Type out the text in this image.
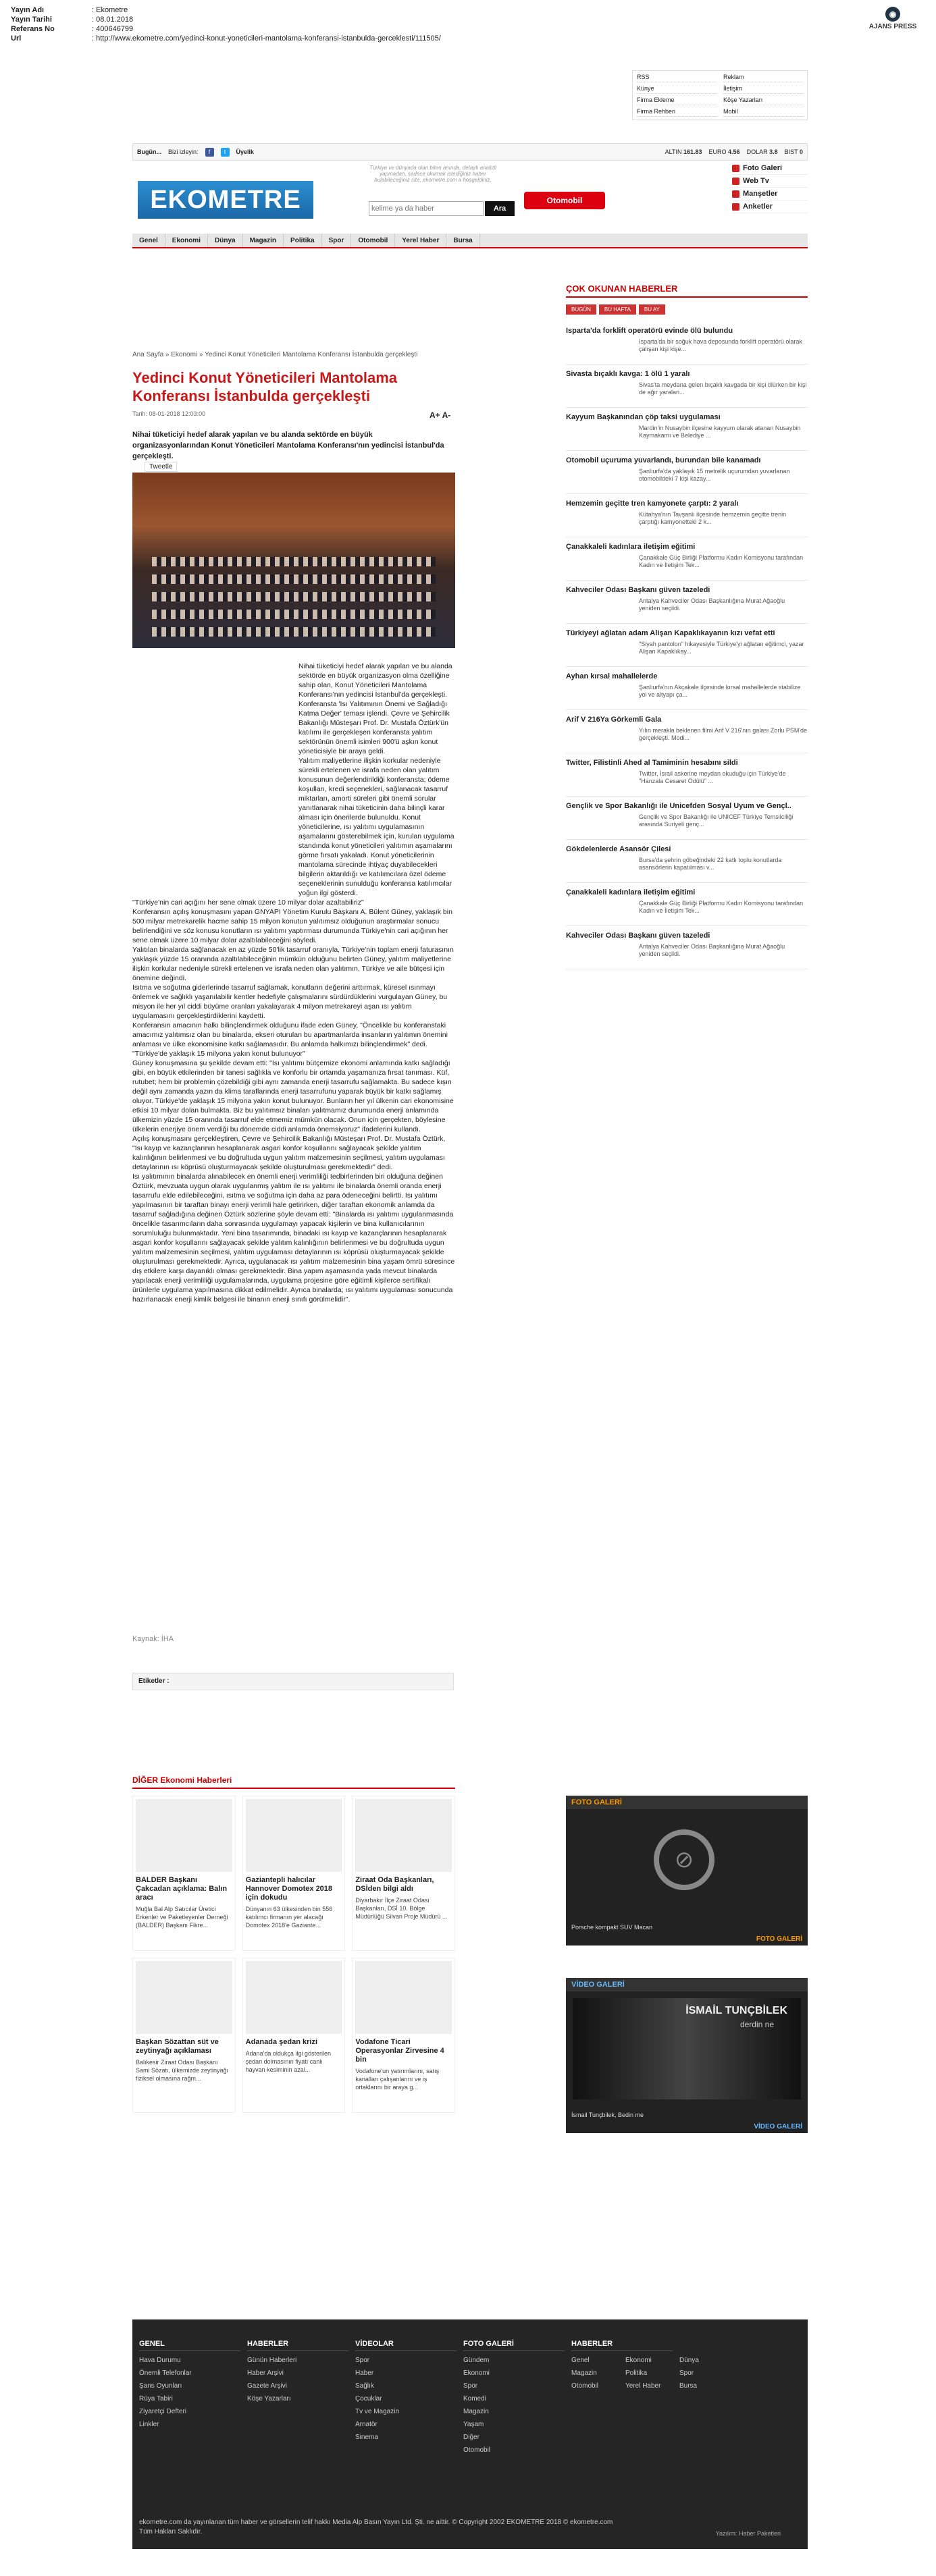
Yayın Adı	: Ekometre
Yayın Tarihi	: 08.01.2018
Referans No	: 400646799
Url	: http://www.ekometre.com/yedinci-konut-yoneticileri-mantolama-konferansi-istanbulda-gerceklesti/111505/
◉
AJANS PRESS
RSS	Reklam
Künye	İletişim
Firma Ekleme	Köşe Yazarları
Firma Rehberi	Mobil
Bugün... Bizi izleyin:	f	t	Üyelik	ALTIN 161.83 EURO 4.56 DOLAR 3.8 BIST 0
EKOMETRE
Türkiye ve dünyada olan biten anında, detaylı analizli yapmadan, sadece okumak istediğiniz haber bulabileceğiniz site, ekometre.com a hoşgeldiniz.
kelime ya da haber
Ara
Otomobil
Foto Galeri
Web Tv
Manşetler
Anketler
Genel	Ekonomi	Dünya	Magazin	Politika	Spor	Otomobil	Yerel Haber	Bursa
Ana Sayfa » Ekonomi » Yedinci Konut Yöneticileri Mantolama Konferansı İstanbulda gerçekleşti
Yedinci Konut Yöneticileri Mantolama Konferansı İstanbulda gerçekleşti
Tarih: 08-01-2018 12:03:00	A+ A-
Nihai tüketiciyi hedef alarak yapılan ve bu alanda sektörde en büyük organizasyonlarından Konut Yöneticileri Mantolama Konferansı'nın yedincisi İstanbul'da gerçekleşti.
Tweetle

Nihai tüketiciyi hedef alarak yapılan ve bu alanda sektörde en büyük organizasyon olma özelliğine sahip olan, Konut Yöneticileri Mantolama Konferansı'nın yedincisi İstanbul'da gerçekleşti. Konferansta 'Isı Yalıtımının Önemi ve Sağladığı Katma Değer' teması işlendi. Çevre ve Şehircilik Bakanlığı Müsteşarı Prof. Dr. Mustafa Öztürk'ün katılımı ile gerçekleşen konferansta yalıtım sektörünün önemli isimleri 900'ü aşkın konut yöneticisiyle bir araya geldi.

Yalıtım maliyetlerine ilişkin korkular nedeniyle sürekli ertelenen ve israfa neden olan yalıtım konusunun değerlendirildiği konferansta; ödeme koşulları, kredi seçenekleri, sağlanacak tasarruf miktarları, amorti süreleri gibi önemli sorular yanıtlanarak nihai tüketicinin daha bilinçli karar alması için önerilerde bulunuldu. Konut yöneticilerine, ısı yalıtımı uygulamasının aşamalarını gösterebilmek için, kurulan uygulama standında konut yöneticileri yalıtımın aşamalarını görme fırsatı yakaladı. Konut yöneticilerinin mantolama sürecinde ihtiyaç duyabilecekleri bilgilerin aktarıldığı ve katılımcılara özel ödeme seçeneklerinin sunulduğu konferansa katılımcılar yoğun ilgi gösterdi.

"Türkiye'nin cari açığını her sene olmak üzere 10 milyar dolar azaltabiliriz"

Konferansın açılış konuşmasını yapan GNYAPI Yönetim Kurulu Başkanı A. Bülent Güney, yaklaşık bin 500 milyar metrekarelik hacme sahip 15 milyon konutun yalıtımsız olduğunun araştırmalar sonucu belirlendiğini ve söz konusu konutların ısı yalıtımı yaptırması durumunda Türkiye'nin cari açığının her sene olmak üzere 10 milyar dolar azaltılabileceğini söyledi.

Yalıtılan binalarda sağlanacak en az yüzde 50'lik tasarruf oranıyla, Türkiye'nin toplam enerji faturasının yaklaşık yüzde 15 oranında azaltılabileceğinin mümkün olduğunu belirten Güney, yalıtım maliyetlerine ilişkin korkular nedeniyle sürekli ertelenen ve israfa neden olan yalıtımın, Türkiye ve aile bütçesi için önemine değindi.

Isıtma ve soğutma giderlerinde tasarruf sağlamak, konutların değerini arttırmak, küresel ısınmayı önlemek ve sağlıklı yaşanılabilir kentler hedefiyle çalışmalarını sürdürdüklerini vurgulayan Güney, bu misyon ile her yıl ciddi büyüme oranları yakalayarak 4 milyon metrekareyi aşan ısı yalıtım uygulamasını gerçekleştirdiklerini kaydetti.

Konferansın amacının halkı bilinçlendirmek olduğunu ifade eden Güney, "Öncelikle bu konferanstaki amacımız yalıtımsız olan bu binalarda, ekseri oturulan bu apartmanlarda insanların yalıtımın önemini anlaması ve ülke ekonomisine katkı sağlamasıdır. Bu anlamda halkımızı bilinçlendirmek" dedi.

"Türkiye'de yaklaşık 15 milyona yakın konut bulunuyor"

Güney konuşmasına şu şekilde devam etti: "Isı yalıtımı bütçemize ekonomi anlamında katkı sağladığı gibi, en büyük etkilerinden bir tanesi sağlıkla ve konforlu bir ortamda yaşamanıza fırsat tanıması. Küf, rutubet; hem bir problemin çözebildiği gibi aynı zamanda enerji tasarrufu sağlamakta. Bu sadece kışın değil aynı zamanda yazın da klima taraflarında enerji tasarrufunu yaparak büyük bir katkı sağlamış oluyor. Türkiye'de yaklaşık 15 milyona yakın konut bulunuyor. Bunların her yıl ülkenin cari ekonomisine etkisi 10 milyar dolan bulmakta. Biz bu yalıtımsız binaları yalıtmamız durumunda enerji anlamında ülkemizin yüzde 15 oranında tasarruf elde etmemiz mümkün olacak. Onun için gerçekten, böylesine ülkelerin enerjiye önem verdiği bu dönemde ciddi anlamda önemsiyoruz" ifadelerini kullandı.

Açılış konuşmasını gerçekleştiren, Çevre ve Şehircilik Bakanlığı Müsteşarı Prof. Dr. Mustafa Öztürk, "Isı kayıp ve kazançlarının hesaplanarak asgari konfor koşullarını sağlayacak şekilde yalıtım kalınlığının belirlenmesi ve bu doğrultuda uygun yalıtım malzemesinin seçilmesi, yalıtım uygulaması detaylarının ısı köprüsü oluşturmayacak şekilde oluşturulması gerekmektedir" dedi.

Isı yalıtımının binalarda alınabilecek en önemli enerji verimliliği tedbirlerinden biri olduğuna değinen Öztürk, mevzuata uygun olarak uygulanmış yalıtım ile ısı yalıtımı ile binalarda önemli oranda enerji tasarrufu elde edilebileceğini, ısıtma ve soğutma için daha az para ödeneceğini belirtti. Isı yalıtımı yapılmasının bir taraftan binayı enerji verimli hale getirirken, diğer taraftan ekonomik anlamda da tasarruf sağladığına değinen Öztürk sözlerine şöyle devam etti: "Binalarda ısı yalıtımı uygulanmasında öncelikle tasarımcıların daha sonrasında uygulamayı yapacak kişilerin ve bina kullanıcılarının sorumluluğu bulunmaktadır. Yeni bina tasarımında, binadaki ısı kayıp ve kazançlarının hesaplanarak asgari konfor koşullarını sağlayacak şekilde yalıtım kalınlığının belirlenmesi ve bu doğrultuda uygun yalıtım malzemesinin seçilmesi, yalıtım uygulaması detaylarının ısı köprüsü oluşturmayacak şekilde oluşturulması gerekmektedir. Ayrıca, uygulanacak ısı yalıtım malzemesinin bina yaşam ömrü süresince dış etkilere karşı dayanıklı olması gerekmektedir. Bina yapım aşamasında yada mevcut binalarda yapılacak enerji verimliliği uygulamalarında, uygulama projesine göre eğitimli kişilerce sertifikalı ürünlerle uygulama yapılmasına dikkat edilmelidir. Ayrıca binalarda; ısı yalıtımı uygulaması sonucunda hazırlanacak enerji kimlik belgesi ile binanın enerji sınıfı görülmelidir".

Kaynak: İHA
Etiketler :
DİĞER Ekonomi Haberleri
BALDER Başkanı Çakcadan açıklama: Balın aracı
Muğla Bal Alp Satıcılar Üretici Erkenler ve Paketleyenler Derneği (BALDER) Başkanı Fikre...
Gaziantepli halıcılar Hannover Domotex 2018 için dokudu
Dünyanın 63 ülkesinden bin 556 katılımcı firmanın yer alacağı Domotex 2018'e Gaziante...
Ziraat Oda Başkanları, DSİden bilgi aldı
Diyarbakır İlçe Ziraat Odası Başkanları, DSİ 10. Bölge Müdürlüğü Silvan Proje Müdürü ...
Başkan Sözattan süt ve zeytinyağı açıklaması
Balıkesir Ziraat Odası Başkanı Sami Sözatı, ülkemizde zeytinyağı fiziksel olmasına rağm...
Adanada şedan krizi
Adana'da oldukça ilgi gösterilen şedan dolmasının fiyatı canlı hayvan kesiminin azal...
Vodafone Ticari Operasyonlar Zirvesine 4 bin
Vodafone'un yatırımlarını, satış kanalları çalışanlarını ve iş ortaklarını bir araya g...
ÇOK OKUNAN HABERLER
BUGÜN	BU HAFTA	BU AY
Isparta'da forklift operatörü evinde ölü bulundu
Isparta'da bir soğuk hava deposunda forklift operatörü olarak çalışan kişi kişe...
Sivasta bıçaklı kavga: 1 ölü 1 yaralı
Sivas'ta meydana gelen bıçaklı kavgada bir kişi ölürken bir kişi de ağır yaralan...
Kayyum Başkanından çöp taksi uygulaması
Mardin'in Nusaybin ilçesine kayyum olarak atanan Nusaybin Kaymakamı ve Belediye ...
Otomobil uçuruma yuvarlandı, burundan bile kanamadı
Şanlıurfa'da yaklaşık 15 metrelik uçurumdan yuvarlanan otomobildeki 7 kişi kazay...
Hemzemin geçitte tren kamyonete çarptı: 2 yaralı
Kütahya'nın Tavşanlı ilçesinde hemzemin geçitte trenin çarptığı kamyonetteki 2 k...
Çanakkaleli kadınlara iletişim eğitimi
Çanakkale Güç Birliği Platformu Kadın Komisyonu tarafından Kadın ve İletişim Tek...
Kahveciler Odası Başkanı güven tazeledi
Antalya Kahveciler Odası Başkanlığına Murat Ağaoğlu yeniden seçildi.
Türkiyeyi ağlatan adam Alişan Kapaklıkayanın kızı vefat etti
"Siyah pantolon" hikayesiyle Türkiye'yi ağlatan eğitimci, yazar Alişan Kapaklıkay...
Ayhan kırsal mahallelerde
Şanlıurfa'nın Akçakale ilçesinde kırsal mahallelerde stabilize yol ve altyapı ça...
Arif V 216Ya Görkemli Gala
Yılın merakla beklenen filmi Arif V 216'nın galası Zorlu PSM'de gerçekleşti. Modi...
Twitter, Filistinli Ahed al Tamiminin hesabını sildi
Twitter, İsrail askerine meydan okuduğu için Türkiye'de "Hanzala Cesaret Ödülü" ...
Gençlik ve Spor Bakanlığı ile Unicefden Sosyal Uyum ve Gençl..
Gençlik ve Spor Bakanlığı ile UNICEF Türkiye Temsilciliği arasında Suriyeli genç...
Gökdelenlerde Asansör Çilesi
Bursa'da şehrin göbeğindeki 22 katlı toplu konutlarda asansörlerin kapatılması v...
Çanakkaleli kadınlara iletişim eğitimi
Çanakkale Güç Birliği Platformu Kadın Komisyonu tarafından Kadın ve İletişim Tek...
Kahveciler Odası Başkanı güven tazeledi
Antalya Kahveciler Odası Başkanlığına Murat Ağaoğlu yeniden seçildi.
FOTO GALERİ
⊘
Porsche kompakt SUV Macan
FOTO GALERİ
VİDEO GALERİ
İSMAİL TUNÇBİLEK
derdin ne
İsmail Tunçbilek, Bedin me
VİDEO GALERİ
GENEL
Hava Durumu
Önemli Telefonlar
Şans Oyunları
Rüya Tabiri
Ziyaretçi Defteri
Linkler
HABERLER
Günün Haberleri
Haber Arşivi
Gazete Arşivi
Köşe Yazarları
VİDEOLAR
Spor
Haber
Sağlık
Çocuklar
Tv ve Magazin
Arnatör
Sinema
FOTO GALERİ
Gündem
Ekonomi
Spor
Komedi
Magazin
Yaşam
Diğer
Otomobil
HABERLER
Genel
Magazin
Otomobil

Ekonomi
Politika
Yerel Haber

Dünya
Spor
Bursa
ekometre.com da yayınlanan tüm haber ve görsellerin telif hakkı Media Alp Basın Yayın Ltd. Şti. ne aittir. © Copyright 2002 EKOMETRE 2018 © ekometre.com Tüm Hakları Saklıdır.	Yazılım: Haber Paketleri
